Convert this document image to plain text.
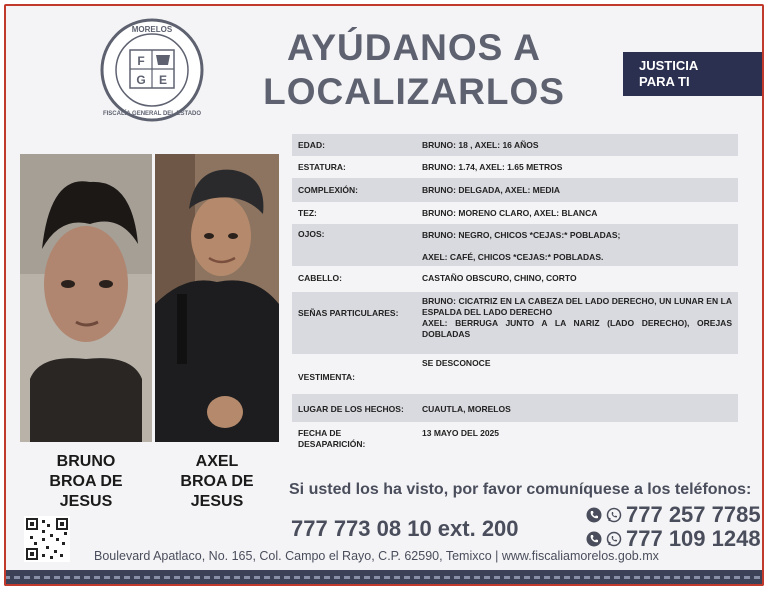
MORELOS
FISCALÍA GENERAL DEL ESTADO
F
G E
AYÚDANOS A
LOCALIZARLOS
JUSTICIA
PARA TI
BRUNO
BROA DE
JESUS
AXEL
BROA DE
JESUS
EDAD:	BRUNO: 18 , AXEL: 16 AÑOS
ESTATURA:	BRUNO: 1.74, AXEL: 1.65 METROS
COMPLEXIÓN:	BRUNO: DELGADA, AXEL: MEDIA
TEZ:	BRUNO: MORENO CLARO, AXEL: BLANCA
OJOS:	BRUNO: NEGRO, CHICOS *CEJAS:* POBLADAS;
AXEL: CAFÉ, CHICOS *CEJAS:* POBLADAS.

CABELLO:	CASTAÑO OBSCURO, CHINO, CORTO
SEÑAS PARTICULARES:	BRUNO: CICATRIZ EN LA CABEZA DEL LADO DERECHO, UN LUNAR EN LA ESPALDA DEL LADO DERECHO
AXEL: BERRUGA JUNTO A LA NARIZ (LADO DERECHO), OREJAS DOBLADAS

VESTIMENTA:	SE DESCONOCE
LUGAR DE LOS HECHOS:	CUAUTLA, MORELOS
FECHA DE DESAPARICIÓN:	13 MAYO DEL 2025
Si usted los ha visto, por favor comuníquese a los teléfonos:
777 773 08 10 ext. 200
777 257 7785
777 109 1248
Boulevard Apatlaco, No. 165, Col. Campo el Rayo, C.P. 62590, Temixco | www.fiscaliamorelos.gob.mx
